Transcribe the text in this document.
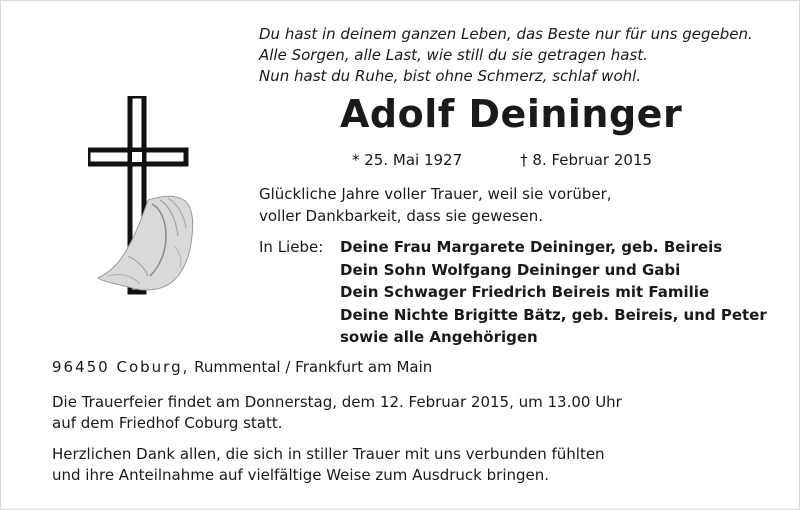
Du hast in deinem ganzen Leben, das Beste nur für uns gegeben.
Alle Sorgen, alle Last, wie still du sie getragen hast.
Nun hast du Ruhe, bist ohne Schmerz, schlaf wohl.
Adolf Deininger
* 25. Mai 1927	† 8. Februar 2015
Glückliche Jahre voller Trauer, weil sie vorüber,
voller Dankbarkeit, dass sie gewesen.
In Liebe: Deine Frau Margarete Deininger, geb. Beireis
Dein Sohn Wolfgang Deininger und Gabi
Dein Schwager Friedrich Beireis mit Familie
Deine Nichte Brigitte Bätz, geb. Beireis, und Peter
sowie alle Angehörigen
96450 Coburg, Rummental / Frankfurt am Main
Die Trauerfeier findet am Donnerstag, dem 12. Februar 2015, um 13.00 Uhr
auf dem Friedhof Coburg statt.
Herzlichen Dank allen, die sich in stiller Trauer mit uns verbunden fühlten
und ihre Anteilnahme auf vielfältige Weise zum Ausdruck bringen.
